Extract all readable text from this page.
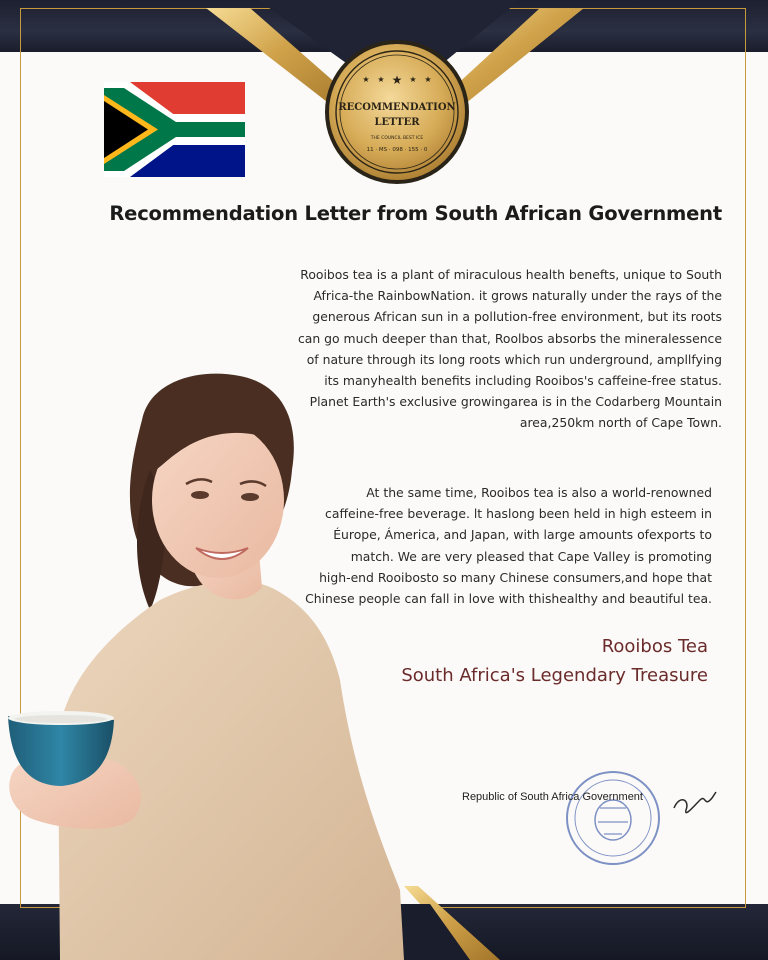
★ ★ ★ ★ ★
RECOMMENDATION
LETTER
THE COUNCIL BEST ICE
11 · MS · 098 · 155 · 0
Recommendation Letter from South African Government

Rooibos tea is a plant of miraculous health benefts, unique to South
Africa-the RainbowNation. it grows naturally under the rays of the
generous African sun in a pollution-free environment, but its roots
can go much deeper than that, Roolbos absorbs the mineralessence
of nature through its long roots which run underground, ampllfying
its manyhealth benefits including Rooibos's caffeine-free status.
Planet Earth's exclusive growingarea is in the Codarberg Mountain
area,250km north of Cape Town.

At the same time, Rooibos tea is also a world-renowned
caffeine-free beverage. lt haslong been held in high esteem in
Éurope, Ámerica, and Japan, with large amounts ofexports to
match. We are very pleased that Cape Valley is promoting
high-end Rooibosto so many Chinese consumers,and hope that
Chinese people can fall in love with thishealthy and beautiful tea.

Rooibos Tea
South Africa's Legendary Treasure
Republic of South Africa Government
